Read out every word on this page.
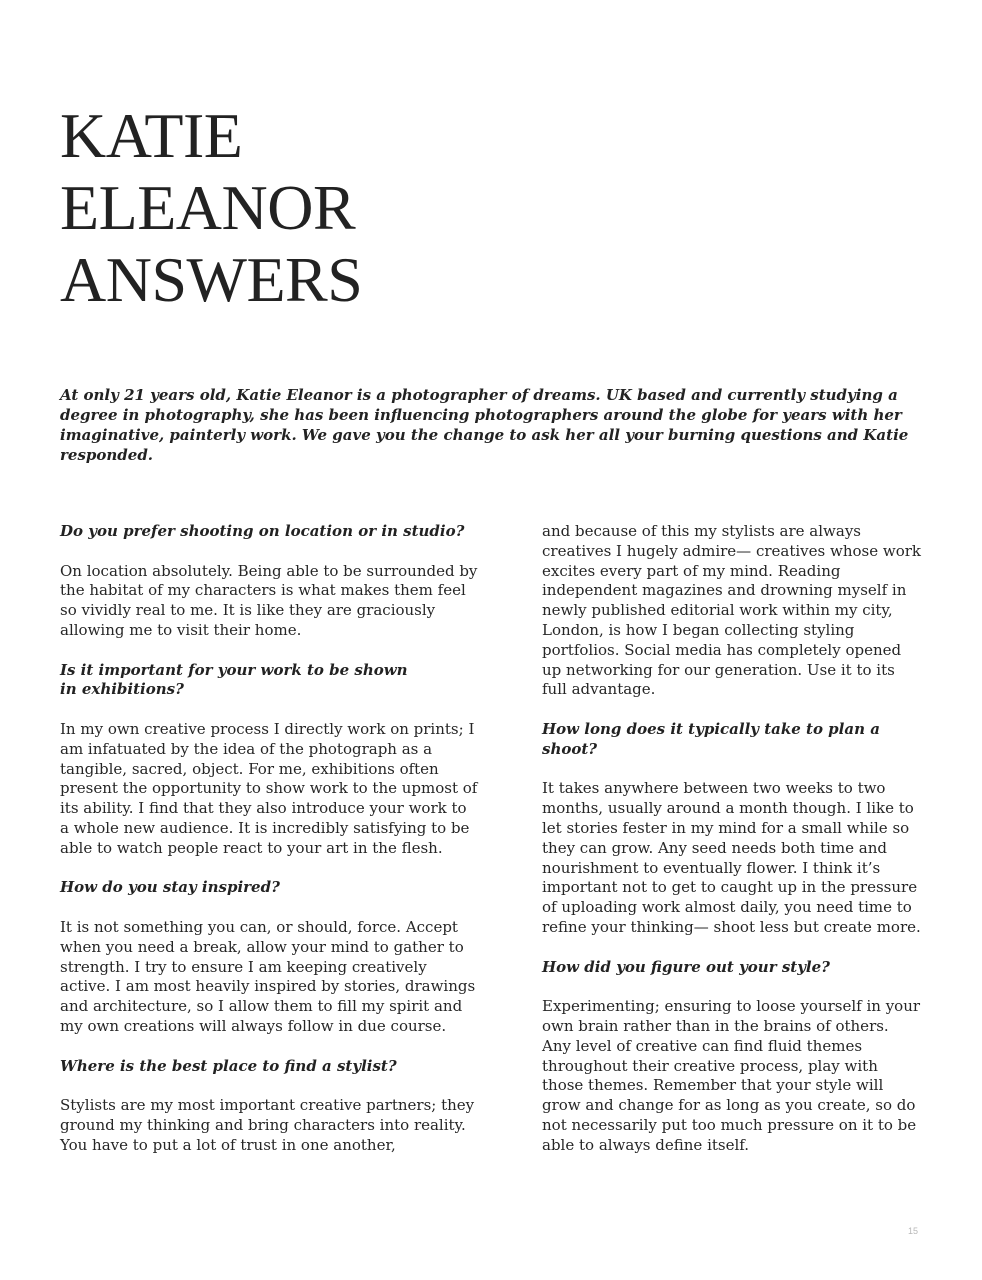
KATIE
ELEANOR
ANSWERS

At only 21 years old, Katie Eleanor is a photographer of dreams. UK based and currently studying a degree in photography, she has been influencing photographers around the globe for years with her imaginative, painterly work. We gave you the change to ask her all your burning questions and Katie responded.

Do you prefer shooting on location or in studio?

On location absolutely. Being able to be surrounded by the habitat of my characters is what makes them feel so vividly real to me. It is like they are graciously allowing me to visit their home.

Is it important for your work to be shown
in exhibitions?

In my own creative process I directly work on prints; I am infatuated by the idea of the photograph as a tangible, sacred, object. For me, exhibitions often present the opportunity to show work to the upmost of its ability. I find that they also introduce your work to a whole new audience. It is incredibly satisfying to be able to watch people react to your art in the flesh.

How do you stay inspired?

It is not something you can, or should, force. Accept when you need a break, allow your mind to gather to strength. I try to ensure I am keeping creatively active. I am most heavily inspired by stories, drawings and architecture, so I allow them to fill my spirit and my own creations will always follow in due course.

Where is the best place to find a stylist?

Stylists are my most important creative partners; they ground my thinking and bring characters into reality. You have to put a lot of trust in one another,

and because of this my stylists are always creatives I hugely admire— creatives whose work excites every part of my mind. Reading independent magazines and drowning myself in newly published editorial work within my city, London, is how I began collecting styling portfolios. Social media has completely opened up networking for our generation. Use it to its full advantage.

How long does it typically take to plan a shoot?

It takes anywhere between two weeks to two months, usually around a month though. I like to let stories fester in my mind for a small while so they can grow. Any seed needs both time and nourishment to eventually flower. I think it’s important not to get to caught up in the pressure of uploading work almost daily, you need time to refine your thinking— shoot less but create more.

How did you figure out your style?

Experimenting; ensuring to loose yourself in your own brain rather than in the brains of others. Any level of creative can find fluid themes throughout their creative process, play with those themes. Remember that your style will grow and change for as long as you create, so do not necessarily put too much pressure on it to be able to always define itself.

15
